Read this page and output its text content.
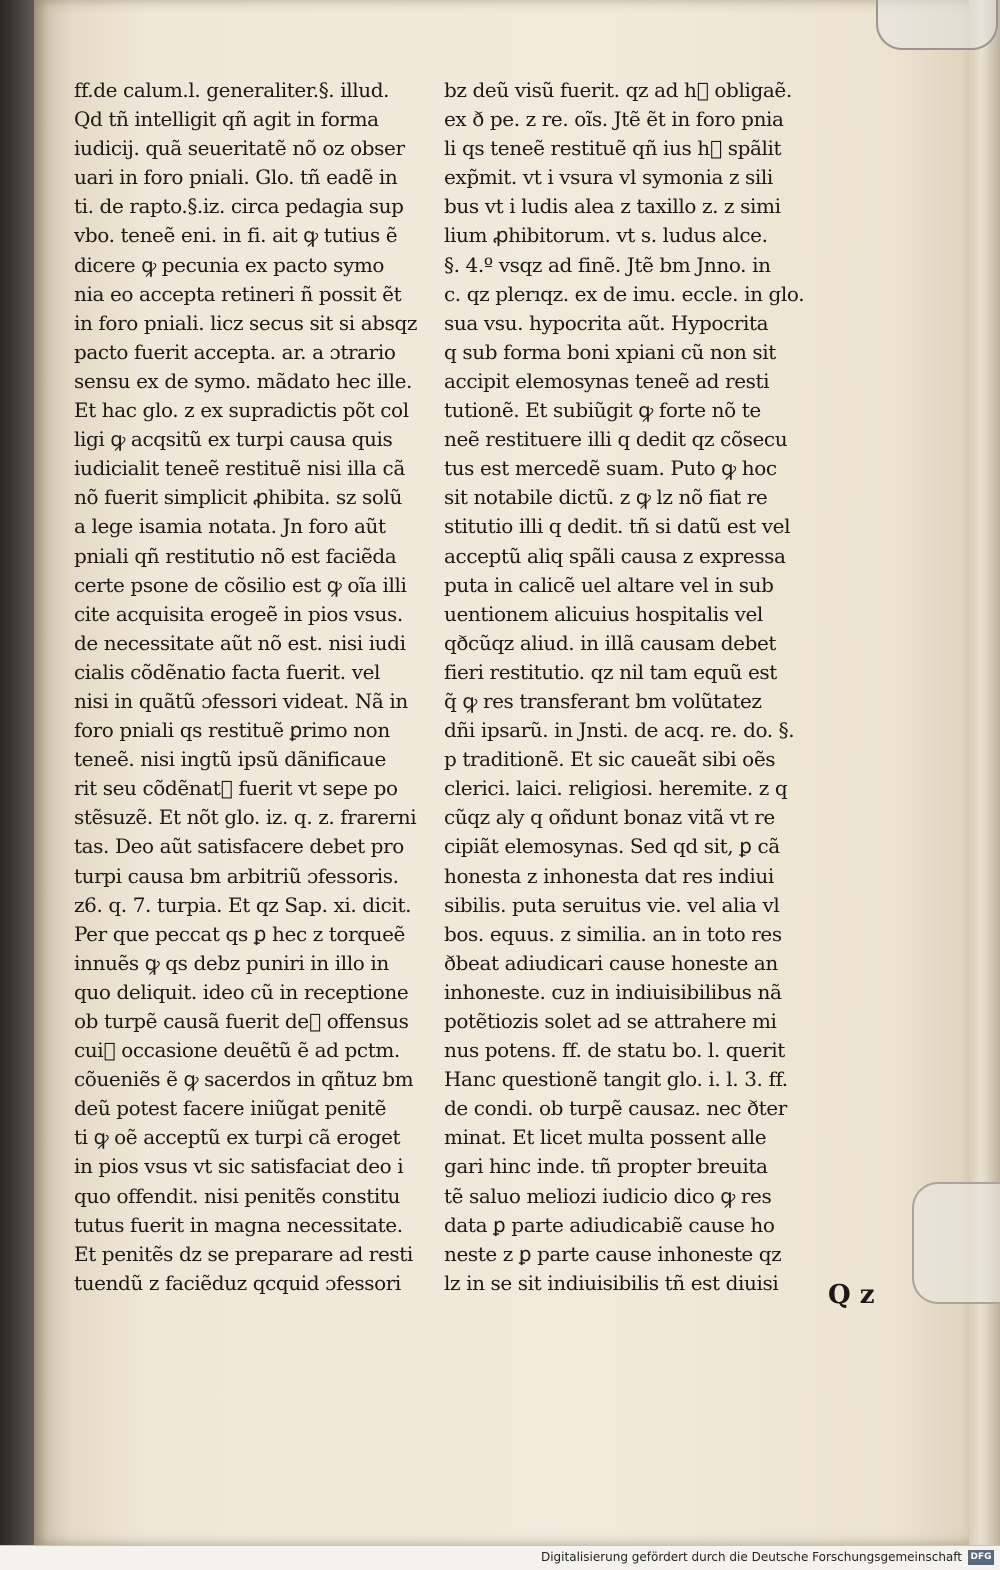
ff.de calum.l. generaliter.§. illud.
Qd tñ intelligit qñ agit in forma
iudicij. quã seueritatẽ nõ oz obser
uari in foro pniali. Glo. tñ eadẽ in
ti. de rapto.§.iz. circa pedagia sup
vbo. teneẽ eni. in fi. ait ꝙ tutius ẽ
dicere ꝙ pecunia ex pacto symo
nia eo accepta retineri ñ possit ẽt
in foro pniali. licz secus sit si absqz
pacto fuerit accepta. ar. a ɔtrario
sensu ex de symo. mãdato hec ille.
Et hac glo. z ex supradictis põt col
ligi ꝙ acqsitũ ex turpi causa quis
iudicialit teneẽ restituẽ nisi illa cã
nõ fuerit simplicit ꝓhibita. sz solũ
a lege isamia notata. Jn foro aũt
pniali qñ restitutio nõ est faciẽda
certe psone de cõsilio est ꝙ oĩa illi
cite acquisita erogeẽ in pios vsus.
de necessitate aũt nõ est. nisi iudi
cialis cõdẽnatio facta fuerit. vel
nisi in quãtũ ɔfessori videat. Nã in
foro pniali qs restituẽ ꝑrimo non
teneẽ. nisi ingtũ ipsũ dãnificaue
rit seu cõdẽnat᷒ fuerit vt sepe po
stẽsuzẽ. Et nõt glo. iz. q. z. frarerni
tas. Deo aũt satisfacere debet pro
turpi causa bm arbitriũ ɔfessoris.
z6. q. 7. turpia. Et qz Sap. xi. dicit.
Per que peccat qs ꝑ hec z torqueẽ
innuẽs ꝙ qs debz puniri in illo in
quo deliquit. ideo cũ in receptione
ob turpẽ causã fuerit de᷒ offensus
cui᷒ occasione deuẽtũ ẽ ad pctm.
cõueniẽs ẽ ꝙ sacerdos in qñtuz bm
deũ potest facere iniũgat penitẽ
ti ꝙ oẽ acceptũ ex turpi cã eroget
in pios vsus vt sic satisfaciat deo i
quo offendit. nisi penitẽs constitu
tutus fuerit in magna necessitate.
Et penitẽs dz se preparare ad resti
tuendũ z faciẽduz qcquid ɔfessori
bz deũ visũ fuerit. qz ad h᷒ obligaẽ.
ex ð pe. z re. oĩs. Jtẽ ẽt in foro pnia
li qs teneẽ restituẽ qñ ius h᷒ spãlit
exp̃mit. vt i vsura vl symonia z sili
bus vt i ludis alea z taxillo z. z simi
lium ꝓhibitorum. vt s. ludus alce.
§. 4.º vsqz ad finẽ. Jtẽ bm Jnno. in
c. qz plerıqz. ex de imu. eccle. in glo.
sua vsu. hypocrita aũt. Hypocrita
q sub forma boni xpiani cũ non sit
accipit elemosynas teneẽ ad resti
tutionẽ. Et subiũgit ꝙ forte nõ te
neẽ restituere illi q dedit qz cõsecu
tus est mercedẽ suam. Puto ꝙ hoc
sit notabile dictũ. z ꝙ lz nõ fiat re
stitutio illi q dedit. tñ si datũ est vel
acceptũ aliq spãli causa z expressa
puta in calicẽ uel altare vel in sub
uentionem alicuius hospitalis vel
qðcũqz aliud. in illã causam debet
fieri restitutio. qz nil tam equũ est
q̃ ꝙ res transferant bm volũtatez
dñi ipsarũ. in Jnsti. de acq. re. do. §.
p traditionẽ. Et sic caueãt sibi oẽs
clerici. laici. religiosi. heremite. z q
cũqz aly q oñdunt bonaz vitã vt re
cipiãt elemosynas. Sed qd sit, ꝑ cã
honesta z inhonesta dat res indiui
sibilis. puta seruitus vie. vel alia vl
bos. equus. z similia. an in toto res
ðbeat adiudicari cause honeste an
inhoneste. cuz in indiuisibilibus nã
potẽtiozis solet ad se attrahere mi
nus potens. ff. de statu bo. l. querit
Hanc questionẽ tangit glo. i. l. 3. ff.
de condi. ob turpẽ causaz. nec ðter
minat. Et licet multa possent alle
gari hinc inde. tñ propter breuita
tẽ saluo meliozi iudicio dico ꝙ res
data ꝑ parte adiudicabiẽ cause ho
neste z ꝑ parte cause inhoneste qz
lz in se sit indiuisibilis tñ est diuisi	Q z
Digitalisierung gefördert durch die Deutsche Forschungsgemeinschaft DFG
